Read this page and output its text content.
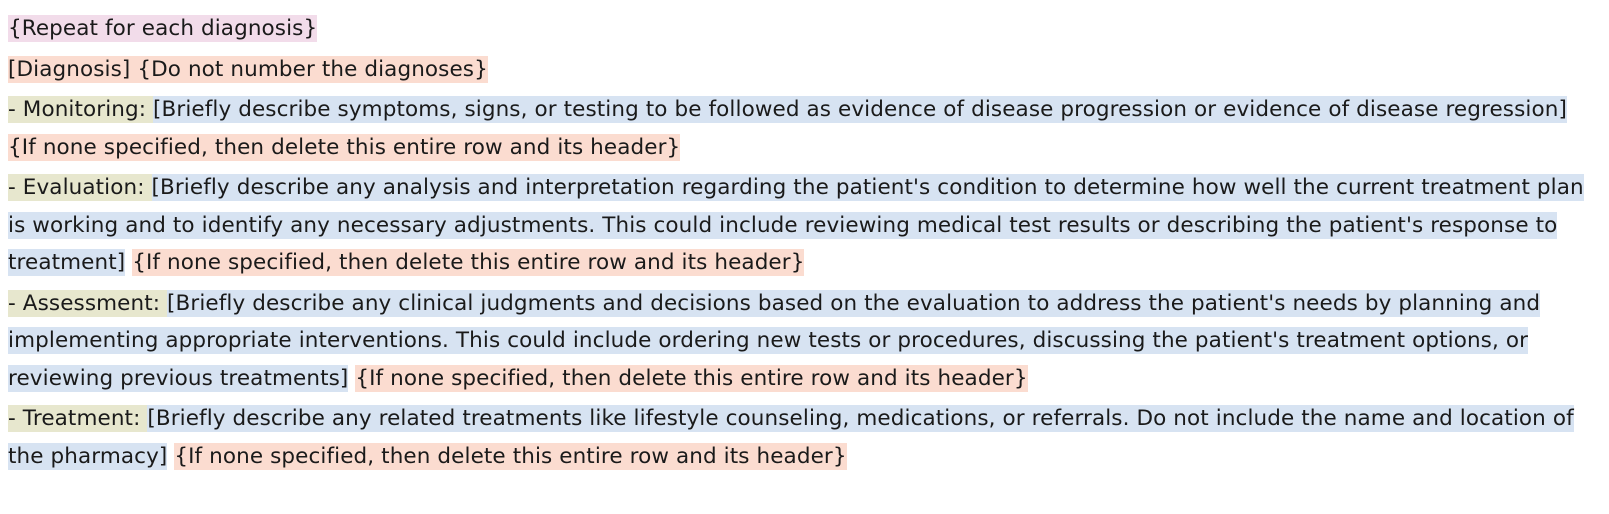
{Repeat for each diagnosis}

[Diagnosis] {Do not number the diagnoses}

- Monitoring: [Briefly describe symptoms, signs, or testing to be followed as evidence of disease progression or evidence of disease regression] {If none specified, then delete this entire row and its header}

- Evaluation: [Briefly describe any analysis and interpretation regarding the patient's condition to determine how well the current treatment plan is working and to identify any necessary adjustments. This could include reviewing medical test results or describing the patient's response to treatment] {If none specified, then delete this entire row and its header}

- Assessment: [Briefly describe any clinical judgments and decisions based on the evaluation to address the patient's needs by planning and implementing appropriate interventions. This could include ordering new tests or procedures, discussing the patient's treatment options, or reviewing previous treatments] {If none specified, then delete this entire row and its header}

- Treatment: [Briefly describe any related treatments like lifestyle counseling, medications, or referrals. Do not include the name and location of the pharmacy] {If none specified, then delete this entire row and its header}
